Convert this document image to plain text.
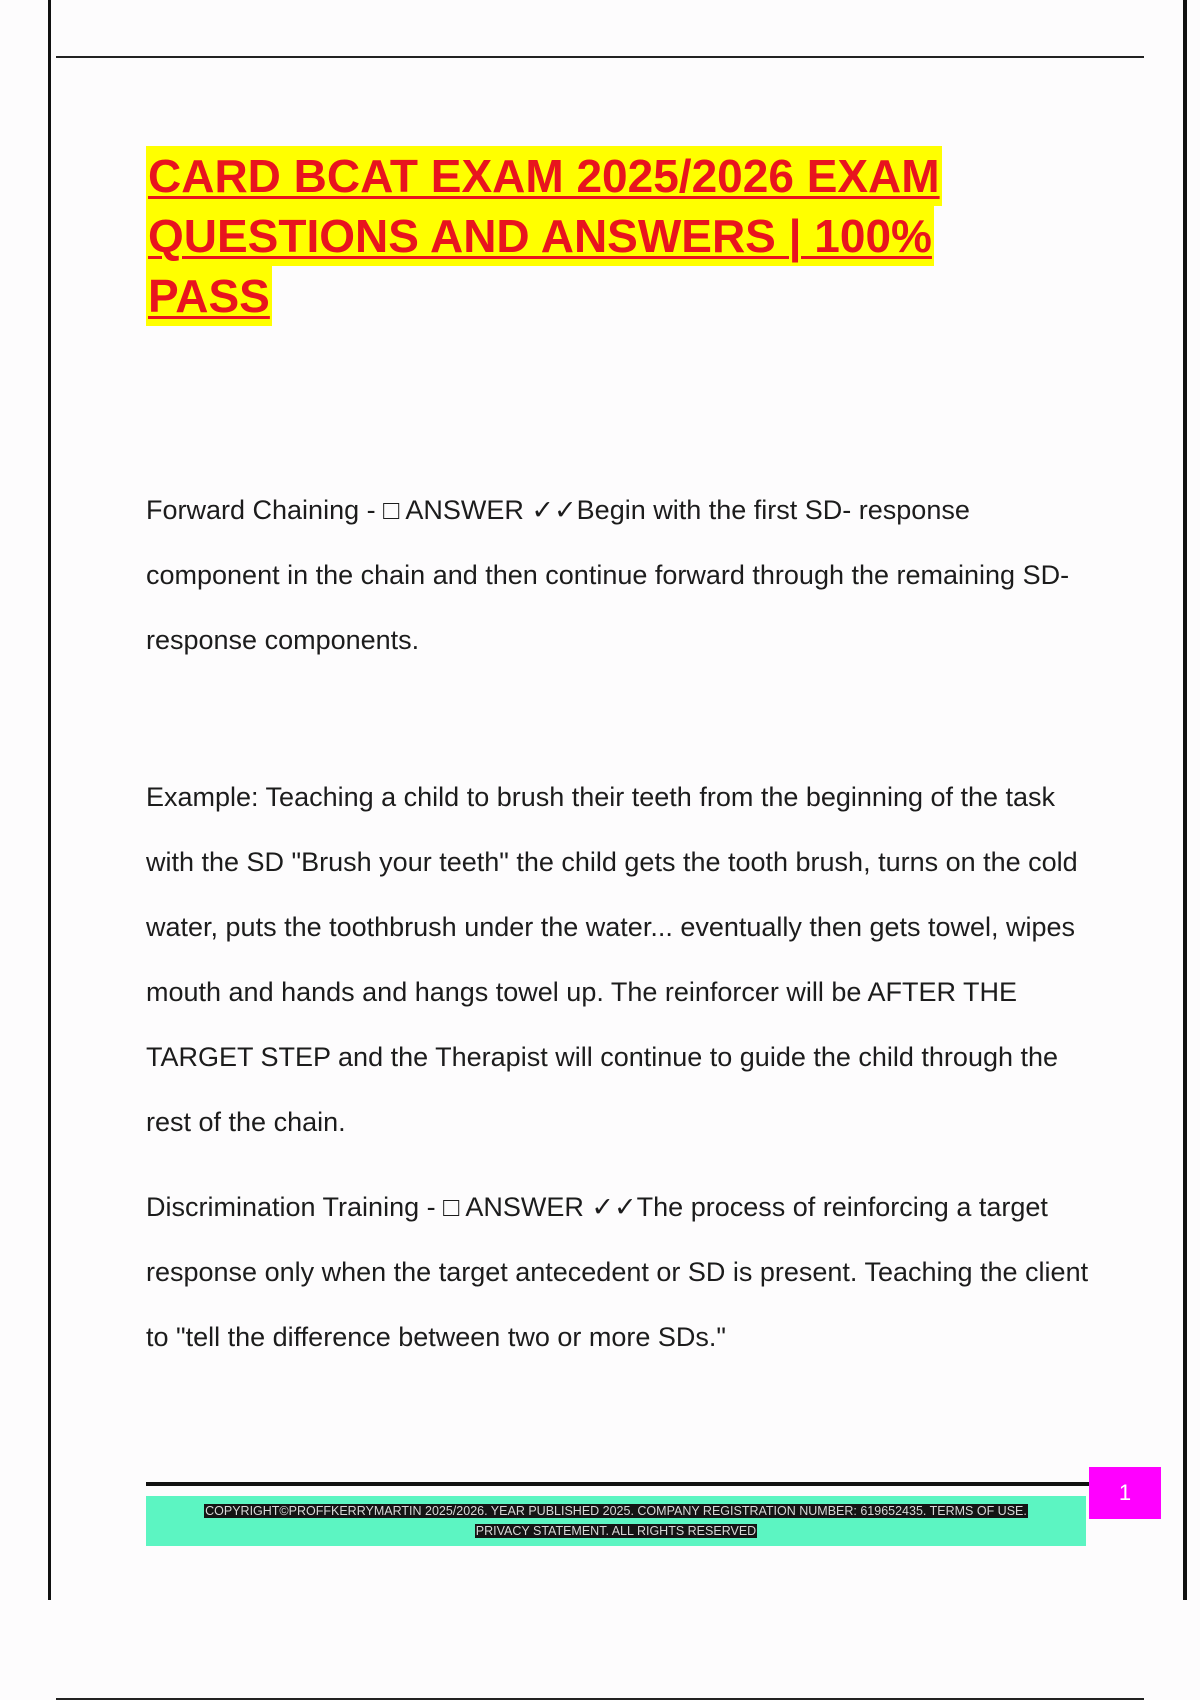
CARD BCAT EXAM 2025/2026 EXAM
QUESTIONS AND ANSWERS | 100%
PASS

Forward Chaining - □ ANSWER ✓✓Begin with the first SD- response component in the chain and then continue forward through the remaining SD-response components.

Example: Teaching a child to brush their teeth from the beginning of the task with the SD "Brush your teeth" the child gets the tooth brush, turns on the cold water, puts the toothbrush under the water... eventually then gets towel, wipes mouth and hands and hangs towel up. The reinforcer will be AFTER THE TARGET STEP and the Therapist will continue to guide the child through the rest of the chain.

Discrimination Training - □ ANSWER ✓✓The process of reinforcing a target response only when the target antecedent or SD is present. Teaching the client to "tell the difference between two or more SDs."

1
COPYRIGHT©PROFFKERRYMARTIN 2025/2026. YEAR PUBLISHED 2025. COMPANY REGISTRATION NUMBER: 619652435. TERMS OF USE.
PRIVACY STATEMENT. ALL RIGHTS RESERVED
